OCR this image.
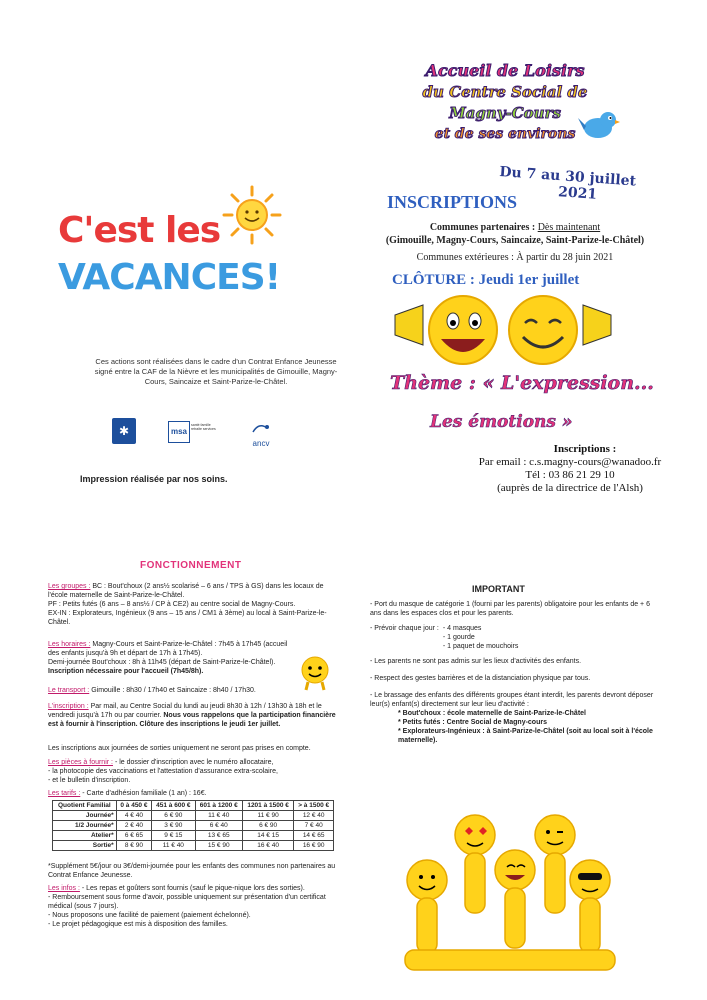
C'est les
VACANCES!
Ces actions sont réalisées dans le cadre d'un Contrat Enfance Jeunesse signé entre la CAF de la Nièvre et les municipalités de Gimouille, Magny-Cours, Saincaize et Saint-Parize-le-Châtel.
✱	msa
santé famille retraite services
ancv
Impression réalisée par nos soins.
Accueil de Loisirs
du Centre Social de
Magny-Cours
et de ses environs
Du 7 au 30 juillet
2021
INSCRIPTIONS
Communes partenaires : Dès maintenant
(Gimouille, Magny-Cours, Saincaize, Saint-Parize-le-Châtel)
Communes extérieures : À partir du 28 juin 2021
CLÔTURE : Jeudi 1er juillet
Thème : « L'expression...
Les émotions »
Inscriptions :
Par email : c.s.magny-cours@wanadoo.fr
Tél : 03 86 21 29 10
(auprès de la directrice de l'Alsh)
FONCTIONNEMENT
Les groupes : BC : Bout'choux (2 ans½ scolarisé – 6 ans / TPS à GS) dans les locaux de l'école maternelle de Saint-Parize-le-Châtel.
PF : Petits futés (6 ans – 8 ans½ / CP à CE2) au centre social de Magny-Cours.
EX-IN : Explorateurs, Ingénieux (9 ans – 15 ans / CM1 à 3ème) au local à Saint-Parize-le-Châtel.
Les horaires : Magny-Cours et Saint-Parize-le-Châtel : 7h45 à 17h45 (accueil des enfants jusqu'à 9h et départ de 17h à 17h45).
Demi-journée Bout'choux : 8h à 11h45 (départ de Saint-Parize-le-Châtel).
Inscription nécessaire pour l'accueil (7h45/8h).
Le transport : Gimouille : 8h30 / 17h40 et Saincaize : 8h40 / 17h30.
L'inscription : Par mail, au Centre Social du lundi au jeudi 8h30 à 12h / 13h30 à 18h et le vendredi jusqu'à 17h ou par courrier. Nous vous rappelons que la participation financière est à fournir à l'inscription. Clôture des inscriptions le jeudi 1er juillet.
Les inscriptions aux journées de sorties uniquement ne seront pas prises en compte.
Les pièces à fournir : - le dossier d'inscription avec le numéro allocataire,
- la photocopie des vaccinations et l'attestation d'assurance extra-scolaire,
- et le bulletin d'inscription.
Les tarifs : - Carte d'adhésion familiale (1 an) : 16€.
Quotient Familial	0 à 450 €	451 à 600 €	601 à 1200 €	1201 à 1500 €	> à 1500 €
Journée*	4 € 40	6 € 90	11 € 40	11 € 90	12 € 40
1/2 Journée*	2 € 40	3 € 90	6 € 40	6 € 90	7 € 40
Atelier*	6 € 65	9 € 15	13 € 65	14 € 15	14 € 65
Sortie*	8 € 90	11 € 40	15 € 90	16 € 40	16 € 90
*Supplément 5€/jour ou 3€/demi-journée pour les enfants des communes non partenaires au Contrat Enfance Jeunesse.
Les infos : - Les repas et goûters sont fournis (sauf le pique-nique lors des sorties).
- Remboursement sous forme d'avoir, possible uniquement sur présentation d'un certificat médical (sous 7 jours).
- Nous proposons une facilité de paiement (paiement échelonné).
- Le projet pédagogique est mis à disposition des familles.
IMPORTANT
- Port du masque de catégorie 1 (fourni par les parents) obligatoire pour les enfants de + 6 ans dans les espaces clos et pour les parents.
- Prévoir chaque jour : - 4 masques
- 1 gourde
- 1 paquet de mouchoirs
- Les parents ne sont pas admis sur les lieux d'activités des enfants.
- Respect des gestes barrières et de la distanciation physique par tous.
- Le brassage des enfants des différents groupes étant interdit, les parents devront déposer leur(s) enfant(s) directement sur leur lieu d'activité :
* Bout'choux : école maternelle de Saint-Parize-le-Châtel
* Petits futés : Centre Social de Magny-cours
* Explorateurs-Ingénieux : à Saint-Parize-le-Châtel (soit au local soit à l'école maternelle).
